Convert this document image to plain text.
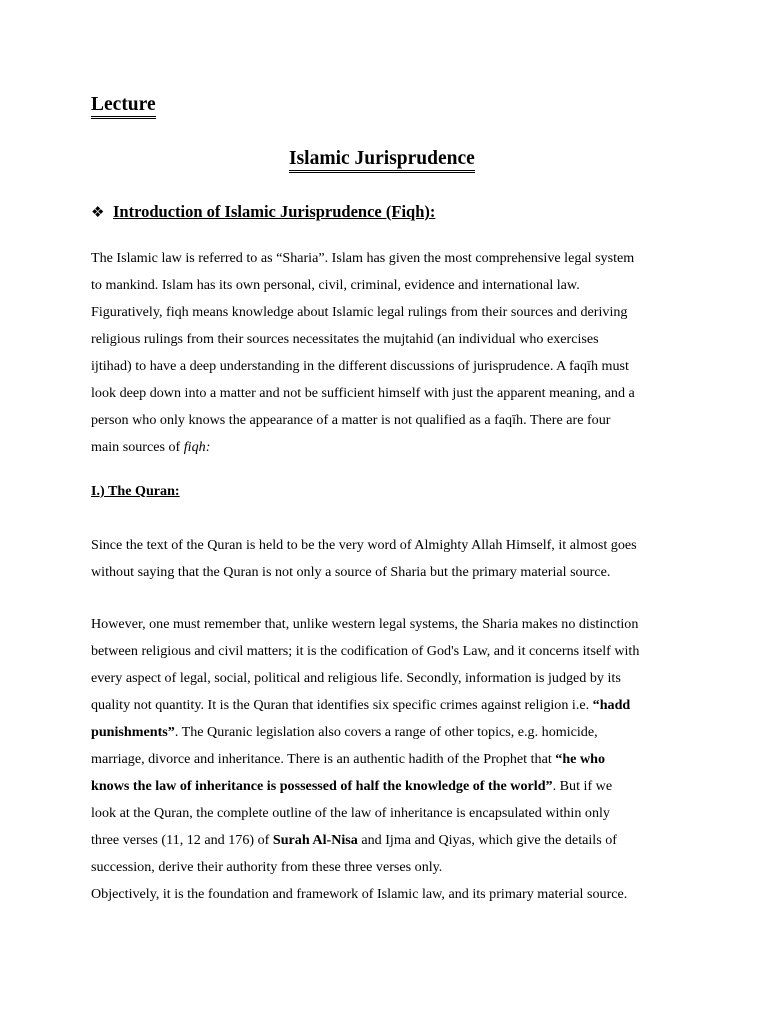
Lecture
Islamic Jurisprudence
❖ Introduction of Islamic Jurisprudence (Fiqh):

The Islamic law is referred to as “Sharia”. Islam has given the most comprehensive legal system
to mankind. Islam has its own personal, civil, criminal, evidence and international law.
Figuratively, fiqh means knowledge about Islamic legal rulings from their sources and deriving
religious rulings from their sources necessitates the mujtahid (an individual who exercises
ijtihad) to have a deep understanding in the different discussions of jurisprudence. A faqīh must
look deep down into a matter and not be sufficient himself with just the apparent meaning, and a
person who only knows the appearance of a matter is not qualified as a faqīh. There are four
main sources of fiqh:

I.) The Quran:

Since the text of the Quran is held to be the very word of Almighty Allah Himself, it almost goes
without saying that the Quran is not only a source of Sharia but the primary material source.

However, one must remember that, unlike western legal systems, the Sharia makes no distinction
between religious and civil matters; it is the codification of God's Law, and it concerns itself with
every aspect of legal, social, political and religious life. Secondly, information is judged by its
quality not quantity. It is the Quran that identifies six specific crimes against religion i.e. “hadd
punishments”. The Quranic legislation also covers a range of other topics, e.g. homicide,
marriage, divorce and inheritance. There is an authentic hadith of the Prophet that “he who
knows the law of inheritance is possessed of half the knowledge of the world”. But if we
look at the Quran, the complete outline of the law of inheritance is encapsulated within only
three verses (11, 12 and 176) of Surah Al-Nisa and Ijma and Qiyas, which give the details of
succession, derive their authority from these three verses only.
Objectively, it is the foundation and framework of Islamic law, and its primary material source.
